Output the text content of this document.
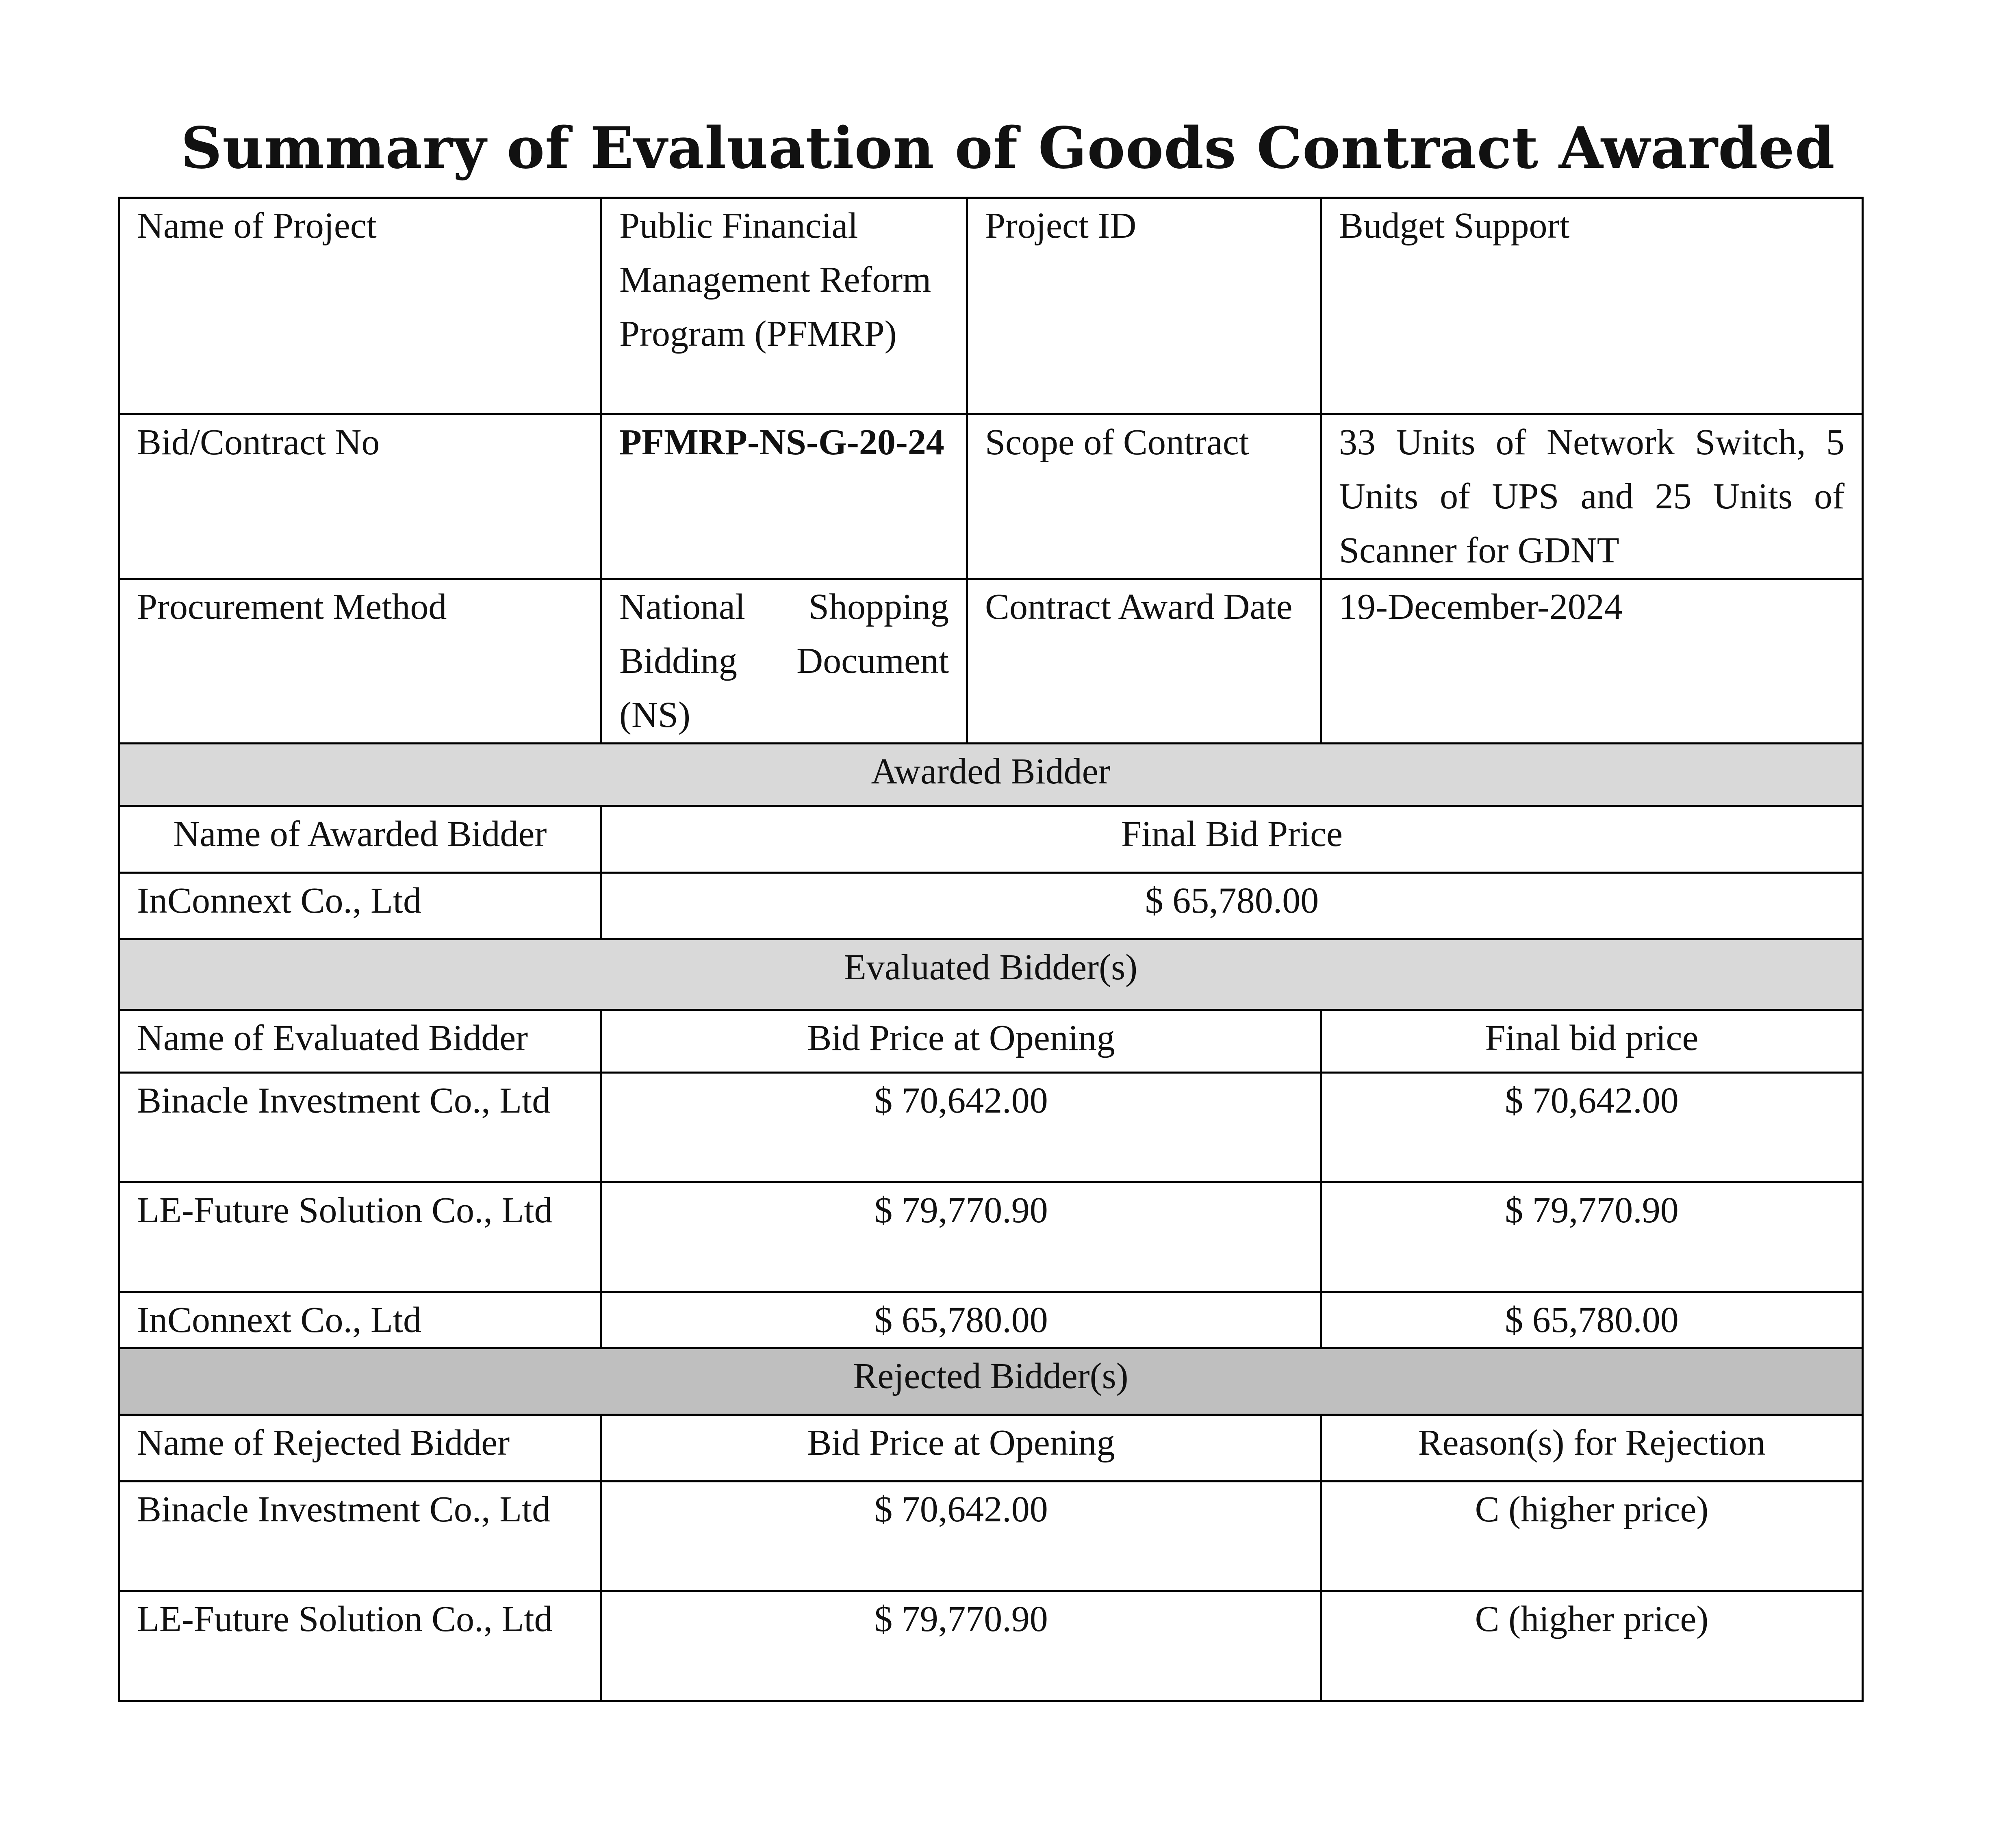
Summary of Evaluation of Goods Contract Awarded
Name of Project	Public Financial Management Reform Program (PFMRP)	Project ID	Budget Support
Bid/Contract No	PFMRP-NS-G-20-24	Scope of Contract	33 Units of Network Switch, 5 Units of UPS and 25 Units of Scanner for GDNT
Procurement Method	National Shopping Bidding Document (NS)	Contract Award Date	19-December-2024
Awarded Bidder			
Name of Awarded Bidder	Final Bid Price		
InConnext Co., Ltd	$ 65,780.00		
Evaluated Bidder(s)			
Name of Evaluated Bidder	Bid Price at Opening		Final bid price
Binacle Investment Co., Ltd	$ 70,642.00		$ 70,642.00
LE-Future Solution Co., Ltd	$ 79,770.90		$ 79,770.90
InConnext Co., Ltd	$ 65,780.00		$ 65,780.00
Rejected Bidder(s)			
Name of Rejected Bidder	Bid Price at Opening		Reason(s) for Rejection
Binacle Investment Co., Ltd	$ 70,642.00		C (higher price)
LE-Future Solution Co., Ltd	$ 79,770.90		C (higher price)
